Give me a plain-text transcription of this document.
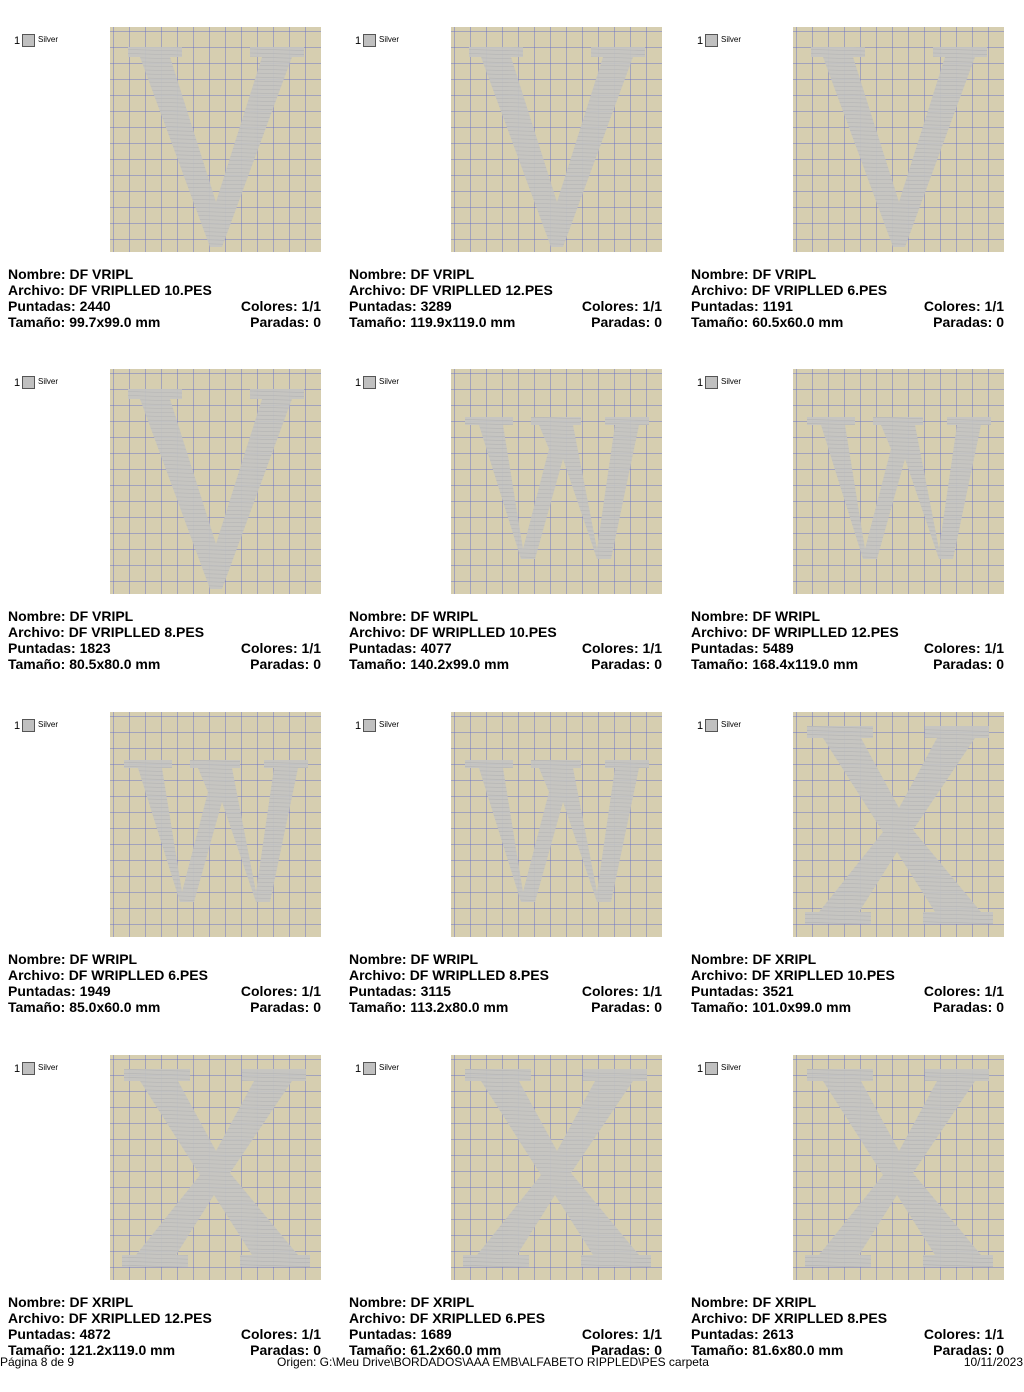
1 Silver
Nombre: DF VRIPL
Archivo: DF VRIPLLED 10.PES
Puntadas: 2440	Colores: 1/1
Tamaño: 99.7x99.0 mm	Paradas: 0
1 Silver
Nombre: DF VRIPL
Archivo: DF VRIPLLED 12.PES
Puntadas: 3289	Colores: 1/1
Tamaño: 119.9x119.0 mm	Paradas: 0
1 Silver
Nombre: DF VRIPL
Archivo: DF VRIPLLED 6.PES
Puntadas: 1191	Colores: 1/1
Tamaño: 60.5x60.0 mm	Paradas: 0
1 Silver
Nombre: DF VRIPL
Archivo: DF VRIPLLED 8.PES
Puntadas: 1823	Colores: 1/1
Tamaño: 80.5x80.0 mm	Paradas: 0
1 Silver
Nombre: DF WRIPL
Archivo: DF WRIPLLED 10.PES
Puntadas: 4077	Colores: 1/1
Tamaño: 140.2x99.0 mm	Paradas: 0
1 Silver
Nombre: DF WRIPL
Archivo: DF WRIPLLED 12.PES
Puntadas: 5489	Colores: 1/1
Tamaño: 168.4x119.0 mm	Paradas: 0
1 Silver
Nombre: DF WRIPL
Archivo: DF WRIPLLED 6.PES
Puntadas: 1949	Colores: 1/1
Tamaño: 85.0x60.0 mm	Paradas: 0
1 Silver
Nombre: DF WRIPL
Archivo: DF WRIPLLED 8.PES
Puntadas: 3115	Colores: 1/1
Tamaño: 113.2x80.0 mm	Paradas: 0
1 Silver
Nombre: DF XRIPL
Archivo: DF XRIPLLED 10.PES
Puntadas: 3521	Colores: 1/1
Tamaño: 101.0x99.0 mm	Paradas: 0
1 Silver
Nombre: DF XRIPL
Archivo: DF XRIPLLED 12.PES
Puntadas: 4872	Colores: 1/1
Tamaño: 121.2x119.0 mm	Paradas: 0
1 Silver
Nombre: DF XRIPL
Archivo: DF XRIPLLED 6.PES
Puntadas: 1689	Colores: 1/1
Tamaño: 61.2x60.0 mm	Paradas: 0
1 Silver
Nombre: DF XRIPL
Archivo: DF XRIPLLED 8.PES
Puntadas: 2613	Colores: 1/1
Tamaño: 81.6x80.0 mm	Paradas: 0
Página 8 de 9	Origen: G:\Meu Drive\BORDADOS\AAA EMB\ALFABETO RIPPLED\PES carpeta	10/11/2023
